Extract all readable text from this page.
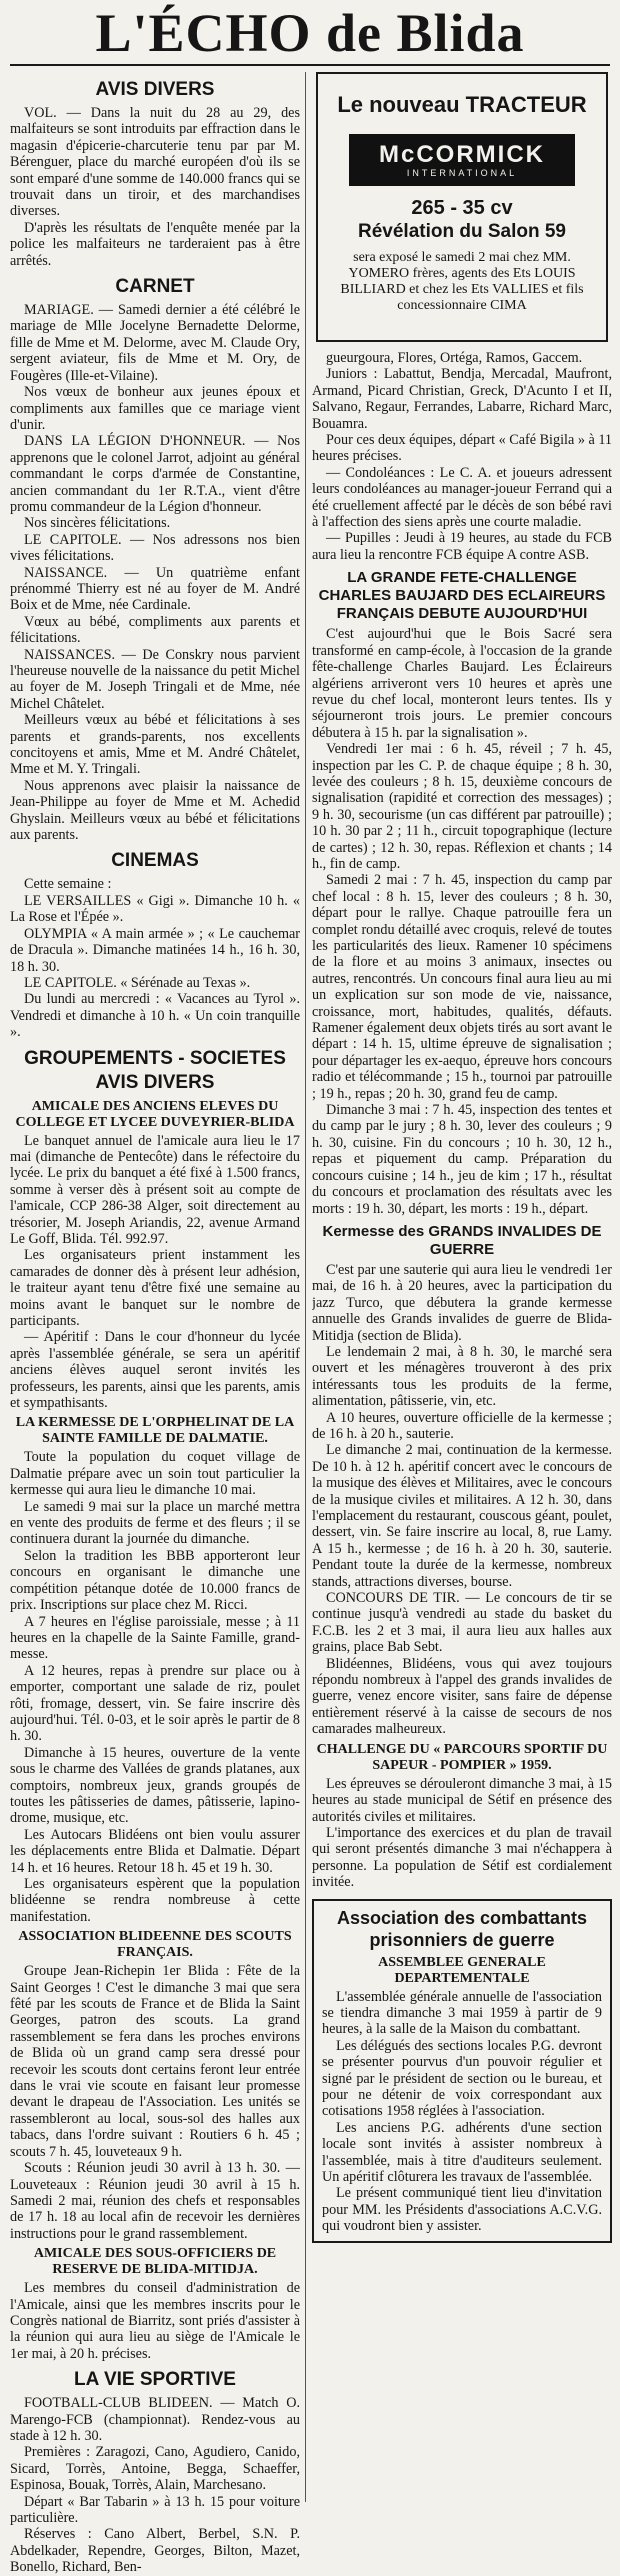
L'ÉCHO de Blida
AVIS DIVERS
VOL. — Dans la nuit du 28 au 29, des malfaiteurs se sont introduits par effraction dans le magasin d'épicerie-charcuterie tenu par par M. Bérenguer, place du marché européen d'où ils se sont emparé d'une somme de 140.000 francs qui se trouvait dans un tiroir, et des marchandises diverses.
D'après les résultats de l'enquête menée par la police les malfaiteurs ne tarderaient pas à être arrêtés.
CARNET
MARIAGE. — Samedi dernier a été célébré le mariage de Mlle Jocelyne Bernadette Delorme, fille de Mme et M. Delorme, avec M. Claude Ory, sergent aviateur, fils de Mme et M. Ory, de Fougères (Ille-et-Vilaine).
Nos vœux de bonheur aux jeunes époux et compliments aux familles que ce mariage vient d'unir.
DANS LA LÉGION D'HONNEUR. — Nos apprenons que le colonel Jarrot, adjoint au général commandant le corps d'armée de Constantine, ancien commandant du 1er R.T.A., vient d'être promu commandeur de la Légion d'honneur.
Nos sincères félicitations.
LE CAPITOLE. — Nos adressons nos bien vives félicitations.
NAISSANCE. — Un quatrième enfant prénommé Thierry est né au foyer de M. André Boix et de Mme, née Cardinale.
Vœux au bébé, compliments aux parents et félicitations.
NAISSANCES. — De Conskry nous parvient l'heureuse nouvelle de la naissance du petit Michel au foyer de M. Joseph Tringali et de Mme, née Michel Châtelet.
Meilleurs vœux au bébé et félicitations à ses parents et grands-parents, nos excellents concitoyens et amis, Mme et M. André Châtelet, Mme et M. Y. Tringali.
Nous apprenons avec plaisir la naissance de Jean-Philippe au foyer de Mme et M. Achedid Ghyslain. Meilleurs vœux au bébé et félicitations aux parents.
CINEMAS
Cette semaine :
LE VERSAILLES « Gigi ». Dimanche 10 h. « La Rose et l'Épée ».
OLYMPIA « A main armée » ; « Le cauchemar de Dracula ». Dimanche matinées 14 h., 16 h. 30, 18 h. 30.
LE CAPITOLE. « Sérénade au Texas ».
Du lundi au mercredi : « Vacances au Tyrol ». Vendredi et dimanche à 10 h. « Un coin tranquille ».
GROUPEMENTS - SOCIETES AVIS DIVERS
AMICALE DES ANCIENS ELEVES DU COLLEGE ET LYCEE DUVEYRIER-BLIDA
Le banquet annuel de l'amicale aura lieu le 17 mai (dimanche de Pentecôte) dans le réfectoire du lycée. Le prix du banquet a été fixé à 1.500 francs, somme à verser dès à présent soit au compte de l'amicale, CCP 286-38 Alger, soit directement au trésorier, M. Joseph Ariandis, 22, avenue Armand Le Goff, Blida. Tél. 992.97.
Les organisateurs prient instamment les camarades de donner dès à présent leur adhésion, le traiteur ayant tenu d'être fixé une semaine au moins avant le banquet sur le nombre de participants.
— Apéritif : Dans le cour d'honneur du lycée après l'assemblée générale, se sera un apéritif anciens élèves auquel seront invités les professeurs, les parents, ainsi que les parents, amis et sympathisants.
LA KERMESSE DE L'ORPHELINAT DE LA SAINTE FAMILLE DE DALMATIE.
Toute la population du coquet village de Dalmatie prépare avec un soin tout particulier la kermesse qui aura lieu le dimanche 10 mai.
Le samedi 9 mai sur la place un marché mettra en vente des produits de ferme et des fleurs ; il se continuera durant la journée du dimanche.
Selon la tradition les BBB apporteront leur concours en organisant le dimanche une compétition pétanque dotée de 10.000 francs de prix. Inscriptions sur place chez M. Ricci.
A 7 heures en l'église paroissiale, messe ; à 11 heures en la chapelle de la Sainte Famille, grand-messe.
A 12 heures, repas à prendre sur place ou à emporter, comportant une salade de riz, poulet rôti, fromage, dessert, vin. Se faire inscrire dès aujourd'hui. Tél. 0-03, et le soir après le partir de 8 h. 30.
Dimanche à 15 heures, ouverture de la vente sous le charme des Vallées de grands platanes, aux comptoirs, nombreux jeux, grands groupés de toutes les pâtisseries de dames, pâtisserie, lapino-drome, musique, etc.
Les Autocars Blidéens ont bien voulu assurer les déplacements entre Blida et Dalmatie. Départ 14 h. et 16 heures. Retour 18 h. 45 et 19 h. 30.
Les organisateurs espèrent que la population blidéenne se rendra nombreuse à cette manifestation.
ASSOCIATION BLIDEENNE DES SCOUTS FRANÇAIS.
Groupe Jean-Richepin 1er Blida : Fête de la Saint Georges ! C'est le dimanche 3 mai que sera fêté par les scouts de France et de Blida la Saint Georges, patron des scouts. La grand rassemblement se fera dans les proches environs de Blida où un grand camp sera dressé pour recevoir les scouts dont certains feront leur entrée dans le vrai vie scoute en faisant leur promesse devant le drapeau de l'Association. Les unités se rassembleront au local, sous-sol des halles aux tabacs, dans l'ordre suivant : Routiers 6 h. 45 ; scouts 7 h. 45, louveteaux 9 h.
Scouts : Réunion jeudi 30 avril à 13 h. 30. — Louveteaux : Réunion jeudi 30 avril à 15 h. Samedi 2 mai, réunion des chefs et responsables de 17 h. 18 au local afin de recevoir les dernières instructions pour le grand rassemblement.
AMICALE DES SOUS-OFFICIERS DE RESERVE DE BLIDA-MITIDJA.
Les membres du conseil d'administration de l'Amicale, ainsi que les membres inscrits pour le Congrès national de Biarritz, sont priés d'assister à la réunion qui aura lieu au siège de l'Amicale le 1er mai, à 20 h. précises.
LA VIE SPORTIVE
FOOTBALL-CLUB BLIDEEN. — Match O. Marengo-FCB (championnat). Rendez-vous au stade à 12 h. 30.
Premières : Zaragozi, Cano, Agudiero, Canido, Sicard, Torrès, Antoine, Begga, Schaeffer, Espinosa, Bouak, Torrès, Alain, Marchesano.
Départ « Bar Tabarin » à 13 h. 15 pour voiture particulière.
Réserves : Cano Albert, Berbel, S.N. P. Abdelkader, Rependre, Georges, Bilton, Mazet, Bonello, Richard, Ben-
Le nouveau TRACTEUR
McCORMICK
INTERNATIONAL
265 - 35 cv
Révélation du Salon 59
sera exposé le samedi 2 mai chez MM. YOMERO frères, agents des Ets LOUIS BILLIARD et chez les Ets VALLIES et fils concessionnaire CIMA
gueurgoura, Flores, Ortéga, Ramos, Gaccem.
Juniors : Labattut, Bendja, Mercadal, Maufront, Armand, Picard Christian, Greck, D'Acunto I et II, Salvano, Regaur, Ferrandes, Labarre, Richard Marc, Bouamra.
Pour ces deux équipes, départ « Café Bigila » à 11 heures précises.
— Condoléances : Le C. A. et joueurs adressent leurs condoléances au manager-joueur Ferrand qui a été cruellement affecté par le décès de son bébé ravi à l'affection des siens après une courte maladie.
— Pupilles : Jeudi à 19 heures, au stade du FCB aura lieu la rencontre FCB équipe A contre ASB.
LA GRANDE FETE-CHALLENGE CHARLES BAUJARD DES ECLAIREURS FRANÇAIS DEBUTE AUJOURD'HUI
C'est aujourd'hui que le Bois Sacré sera transformé en camp-école, à l'occasion de la grande fête-challenge Charles Baujard. Les Éclaireurs algériens arriveront vers 10 heures et après une revue du chef local, monteront leurs tentes. Ils y séjourneront trois jours. Le premier concours débutera à 15 h. par la signalisation ».
Vendredi 1er mai : 6 h. 45, réveil ; 7 h. 45, inspection par les C. P. de chaque équipe ; 8 h. 30, levée des couleurs ; 8 h. 15, deuxième concours de signalisation (rapidité et correction des messages) ; 9 h. 30, secourisme (un cas différent par patrouille) ; 10 h. 30 par 2 ; 11 h., circuit topographique (lecture de cartes) ; 12 h. 30, repas. Réflexion et chants ; 14 h., fin de camp.
Samedi 2 mai : 7 h. 45, inspection du camp par chef local : 8 h. 15, lever des couleurs ; 8 h. 30, départ pour le rallye. Chaque patrouille fera un complet rondu détaillé avec croquis, relevé de toutes les particularités des lieux. Ramener 10 spécimens de la flore et au moins 3 animaux, insectes ou autres, rencontrés. Un concours final aura lieu au mi un explication sur son mode de vie, naissance, croissance, mort, habitudes, qualités, défauts. Ramener également deux objets tirés au sort avant le départ : 14 h. 15, ultime épreuve de signalisation ; pour départager les ex-aequo, épreuve hors concours radio et télécommande ; 15 h., tournoi par patrouille ; 19 h., repas ; 20 h. 30, grand feu de camp.
Dimanche 3 mai : 7 h. 45, inspection des tentes et du camp par le jury ; 8 h. 30, lever des couleurs ; 9 h. 30, cuisine. Fin du concours ; 10 h. 30, 12 h., repas et piquement du camp. Préparation du concours cuisine ; 14 h., jeu de kim ; 17 h., résultat du concours et proclamation des résultats avec les morts : 19 h. 30, départ, les morts : 19 h., départ.
Kermesse des GRANDS INVALIDES DE GUERRE
C'est par une sauterie qui aura lieu le vendredi 1er mai, de 16 h. à 20 heures, avec la participation du jazz Turco, que débutera la grande kermesse annuelle des Grands invalides de guerre de Blida-Mitidja (section de Blida).
Le lendemain 2 mai, à 8 h. 30, le marché sera ouvert et les ménagères trouveront à des prix intéressants tous les produits de la ferme, alimentation, pâtisserie, vin, etc.
A 10 heures, ouverture officielle de la kermesse ; de 16 h. à 20 h., sauterie.
Le dimanche 2 mai, continuation de la kermesse. De 10 h. à 12 h. apéritif concert avec le concours de la musique des élèves et Militaires, avec le concours de la musique civiles et militaires. A 12 h. 30, dans l'emplacement du restaurant, couscous géant, poulet, dessert, vin. Se faire inscrire au local, 8, rue Lamy. A 15 h., kermesse ; de 16 h. à 20 h. 30, sauterie. Pendant toute la durée de la kermesse, nombreux stands, attractions diverses, bourse.
CONCOURS DE TIR. — Le concours de tir se continue jusqu'à vendredi au stade du basket du F.C.B. les 2 et 3 mai, il aura lieu aux halles aux grains, place Bab Sebt.
Blidéennes, Blidéens, vous qui avez toujours répondu nombreux à l'appel des grands invalides de guerre, venez encore visiter, sans faire de dépense entièrement réservé à la caisse de secours de nos camarades malheureux.
CHALLENGE DU « PARCOURS SPORTIF DU SAPEUR - POMPIER » 1959.
Les épreuves se dérouleront dimanche 3 mai, à 15 heures au stade municipal de Sétif en présence des autorités civiles et militaires.
L'importance des exercices et du plan de travail qui seront présentés dimanche 3 mai n'échappera à personne. La population de Sétif est cordialement invitée.
Association des combattants prisonniers de guerre
ASSEMBLEE GENERALE DEPARTEMENTALE
L'assemblée générale annuelle de l'association se tiendra dimanche 3 mai 1959 à partir de 9 heures, à la salle de la Maison du combattant.
Les délégués des sections locales P.G. devront se présenter pourvus d'un pouvoir régulier et signé par le président de section ou le bureau, et pour ne détenir de voix correspondant aux cotisations 1958 réglées à l'association.
Les anciens P.G. adhérents d'une section locale sont invités à assister nombreux à l'assemblée, mais à titre d'auditeurs seulement. Un apéritif clôturera les travaux de l'assemblée.
Le présent communiqué tient lieu d'invitation pour MM. les Présidents d'associations A.C.V.G. qui voudront bien y assister.
